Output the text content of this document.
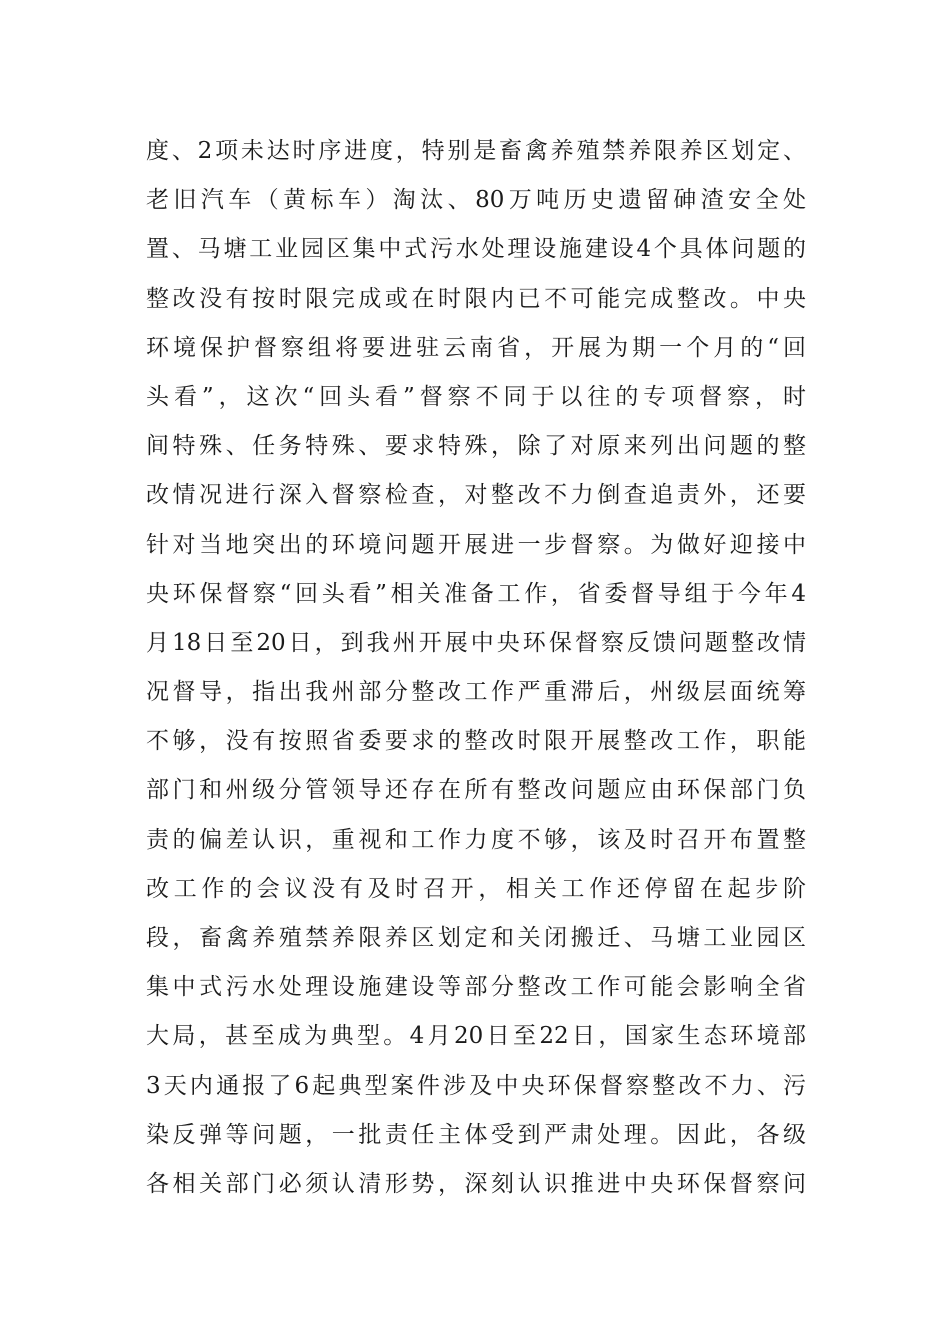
度、2项未达时序进度，特别是畜禽养殖禁养限养区划定、
老旧汽车（黄标车）淘汰、80万吨历史遗留砷渣安全处
置、马塘工业园区集中式污水处理设施建设4个具体问题的
整改没有按时限完成或在时限内已不可能完成整改。中央
环境保护督察组将要进驻云南省，开展为期一个月的“回
头看”，这次“回头看”督察不同于以往的专项督察，时
间特殊、任务特殊、要求特殊，除了对原来列出问题的整
改情况进行深入督察检查，对整改不力倒查追责外，还要
针对当地突出的环境问题开展进一步督察。为做好迎接中
央环保督察“回头看”相关准备工作，省委督导组于今年4
月18日至20日，到我州开展中央环保督察反馈问题整改情
况督导，指出我州部分整改工作严重滞后，州级层面统筹
不够，没有按照省委要求的整改时限开展整改工作，职能
部门和州级分管领导还存在所有整改问题应由环保部门负
责的偏差认识，重视和工作力度不够，该及时召开布置整
改工作的会议没有及时召开，相关工作还停留在起步阶
段，畜禽养殖禁养限养区划定和关闭搬迁、马塘工业园区
集中式污水处理设施建设等部分整改工作可能会影响全省
大局，甚至成为典型。4月20日至22日，国家生态环境部
3天内通报了6起典型案件涉及中央环保督察整改不力、污
染反弹等问题，一批责任主体受到严肃处理。因此，各级
各相关部门必须认清形势，深刻认识推进中央环保督察问
